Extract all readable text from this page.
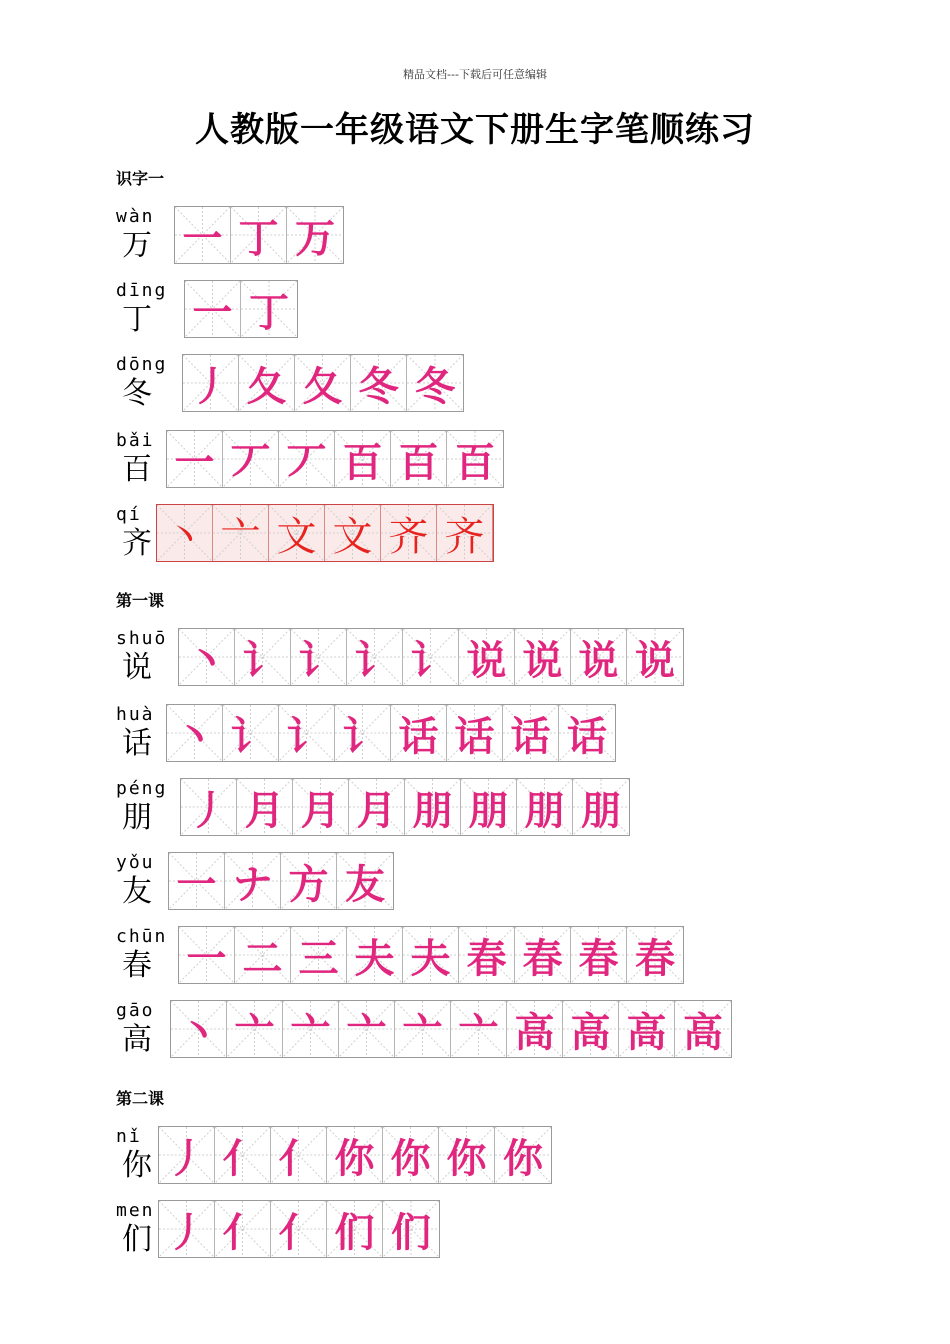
精品文档---下载后可任意编辑
人教版一年级语文下册生字笔顺练习
识字一
wàn
万 一 丁 万
dīng
丁 一 丁
dōng
冬 丿 夂 夂 冬 冬
bǎi
百 一 丆 丆 百 百 百
qí
齐 丶 亠 文 文 齐 齐
第一课
shuō
说 丶 讠 讠 讠 讠 说 说 说 说
huà
话 丶 讠 讠 讠 话 话 话 话
péng
朋 丿 月 月 月 朋 朋 朋 朋
yǒu
友 一 ナ 方 友
chūn
春 一 二 三 夫 夫 春 春 春 春
gāo
高 丶 亠 亠 亠 亠 亠 高 高 高 高
第二课
nǐ
你 丿 亻 亻 你 你 你 你
men
们 丿 亻 亻 们 们
